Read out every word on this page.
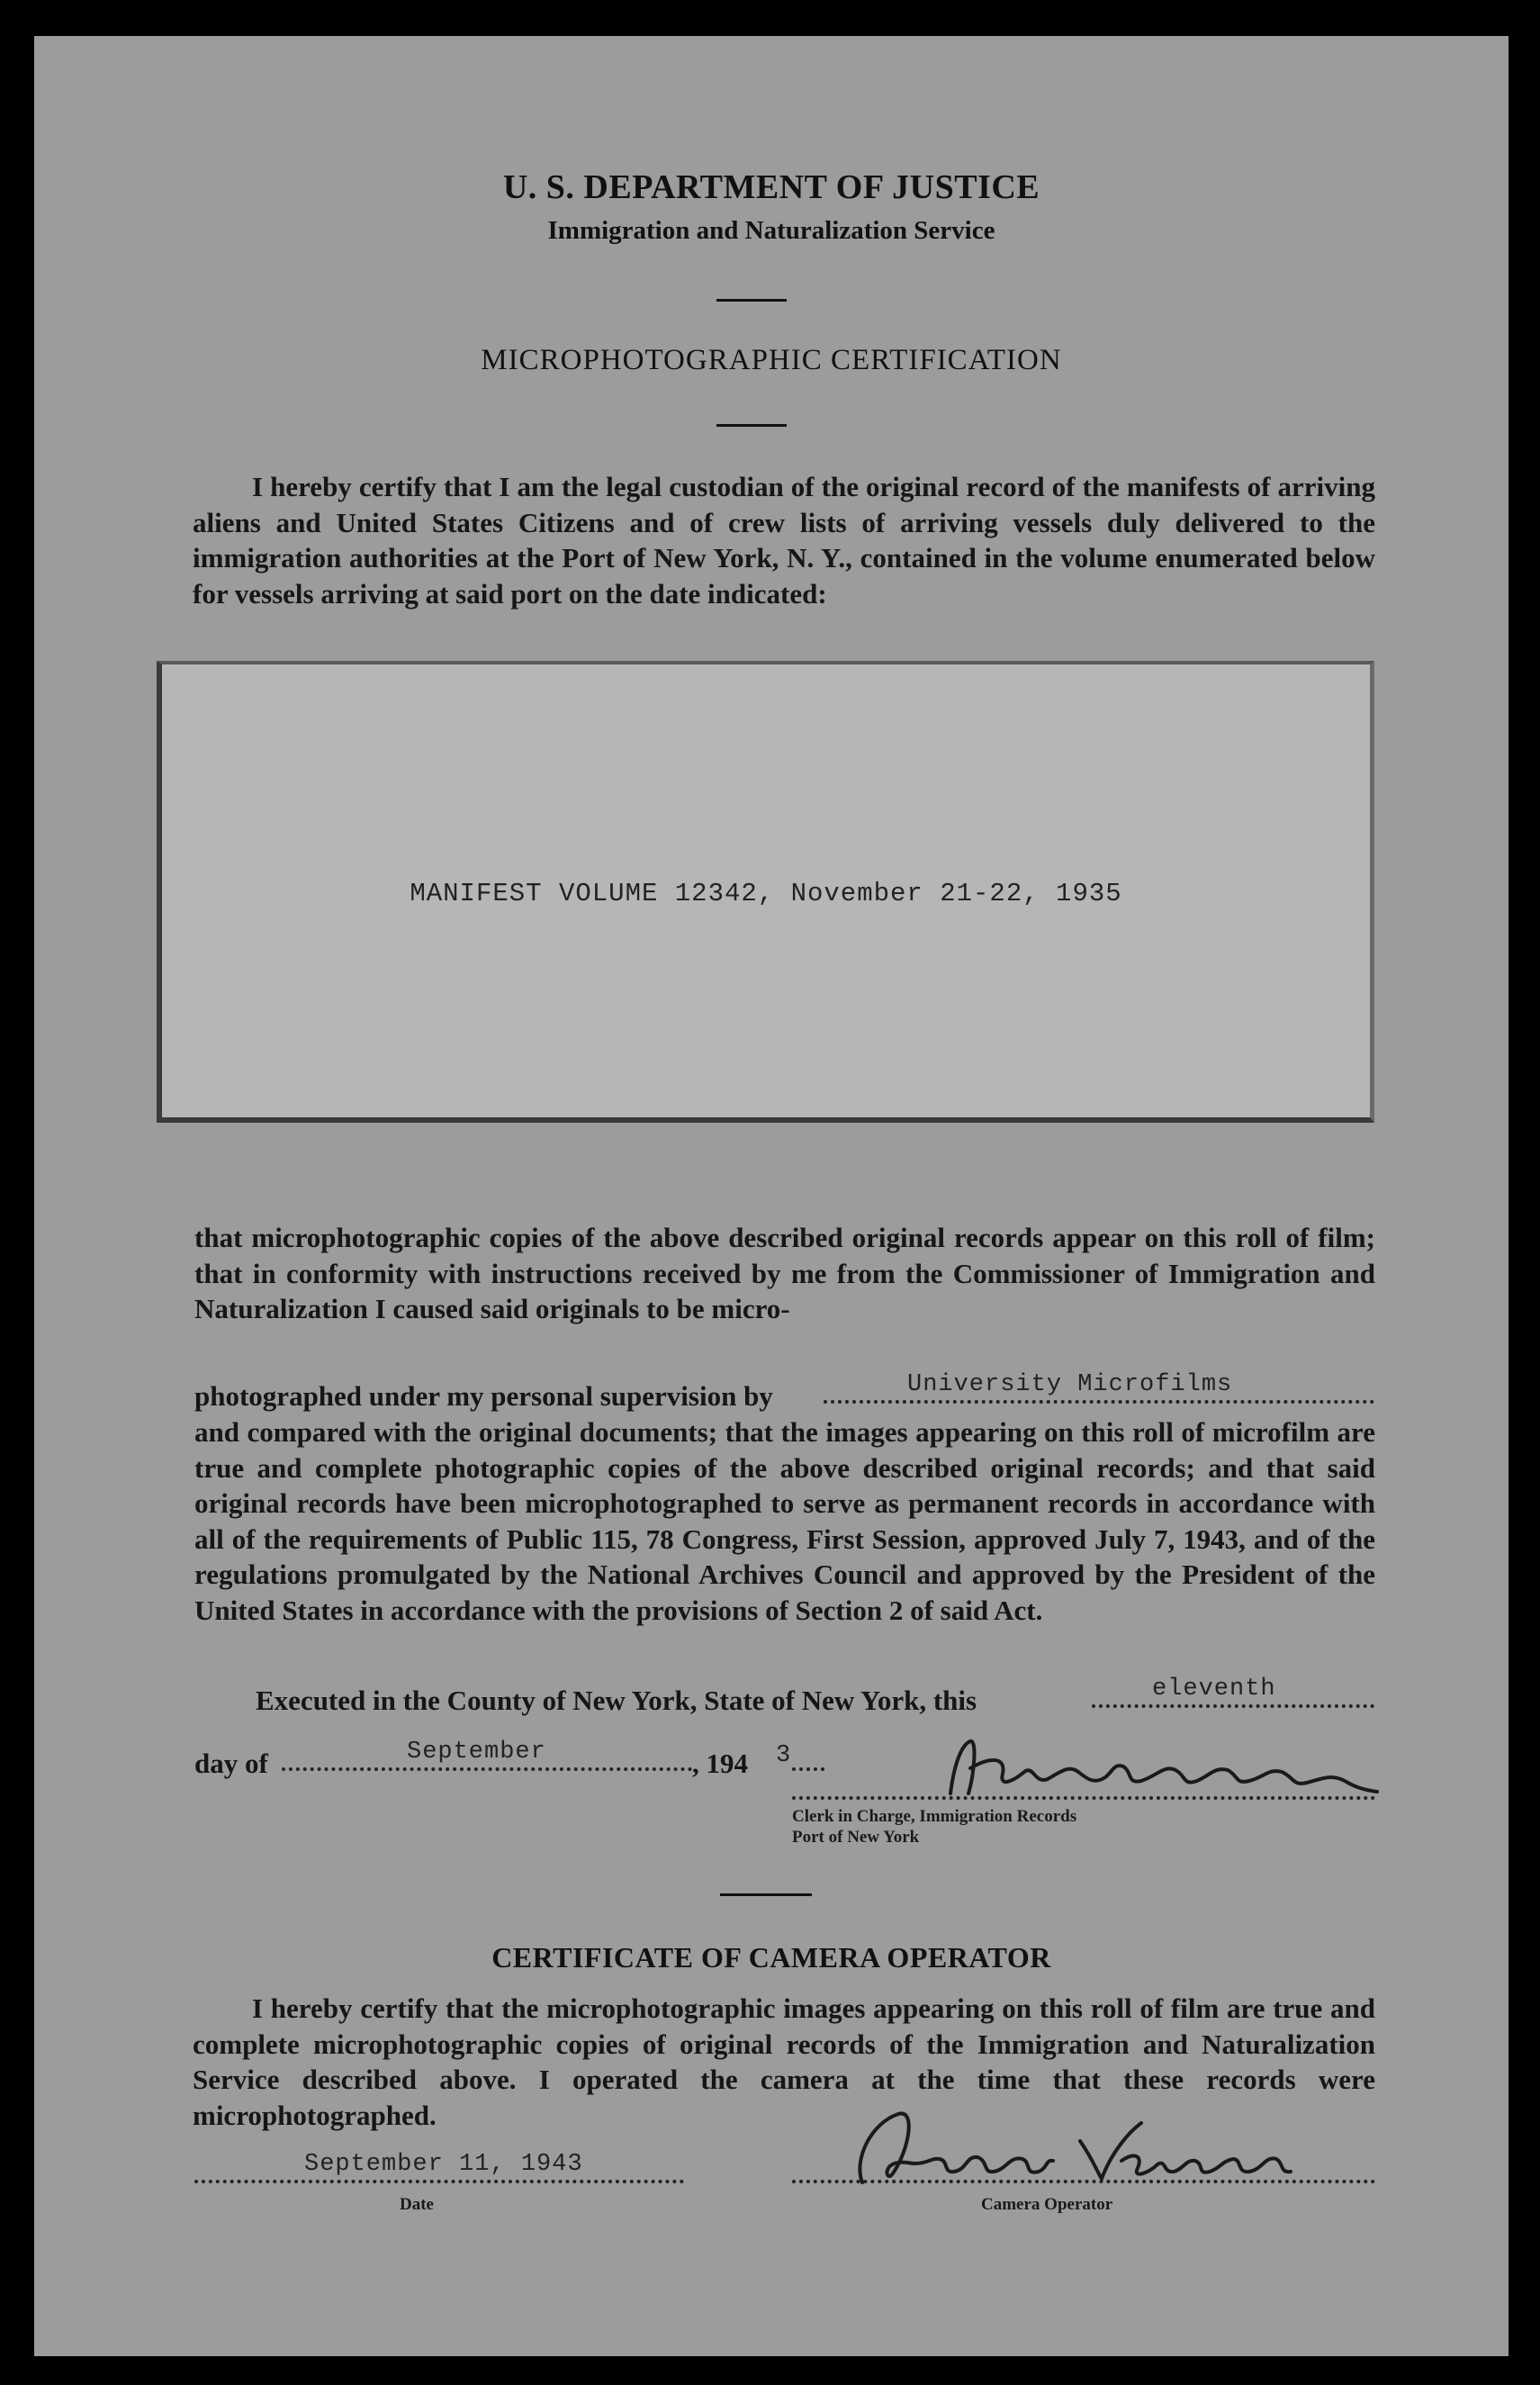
U. S. DEPARTMENT OF JUSTICE
Immigration and Naturalization Service
MICROPHOTOGRAPHIC CERTIFICATION
I hereby certify that I am the legal custodian of the original record of the manifests of arriving aliens and United States Citizens and of crew lists of arriving vessels duly delivered to the immigration authorities at the Port of New York, N. Y., contained in the volume enumerated below for vessels arriving at said port on the date indicated:
MANIFEST VOLUME 12342, November 21-22, 1935
that microphotographic copies of the above described original records appear on this roll of film; that in conformity with instructions received by me from the Commissioner of Immigration and Naturalization I caused said originals to be micro-
photographed under my personal supervision by	University Microfilms
and compared with the original documents; that the images appearing on this roll of microfilm are true and complete photographic copies of the above described original records; and that said original records have been microphotographed to serve as permanent records in accordance with all of the requirements of Public 115, 78 Congress, First Session, approved July 7, 1943, and of the regulations promulgated by the National Archives Council and approved by the President of the United States in accordance with the provisions of Section 2 of said Act.
Executed in the County of New York, State of New York, this	eleventh
day of	September	, 194 3
Clerk in Charge, Immigration Records
Port of New York
CERTIFICATE OF CAMERA OPERATOR
I hereby certify that the microphotographic images appearing on this roll of film are true and complete microphotographic copies of original records of the Immigration and Naturalization Service described above. I operated the camera at the time that these records were microphotographed.
September 11, 1943
Date	Camera Operator
